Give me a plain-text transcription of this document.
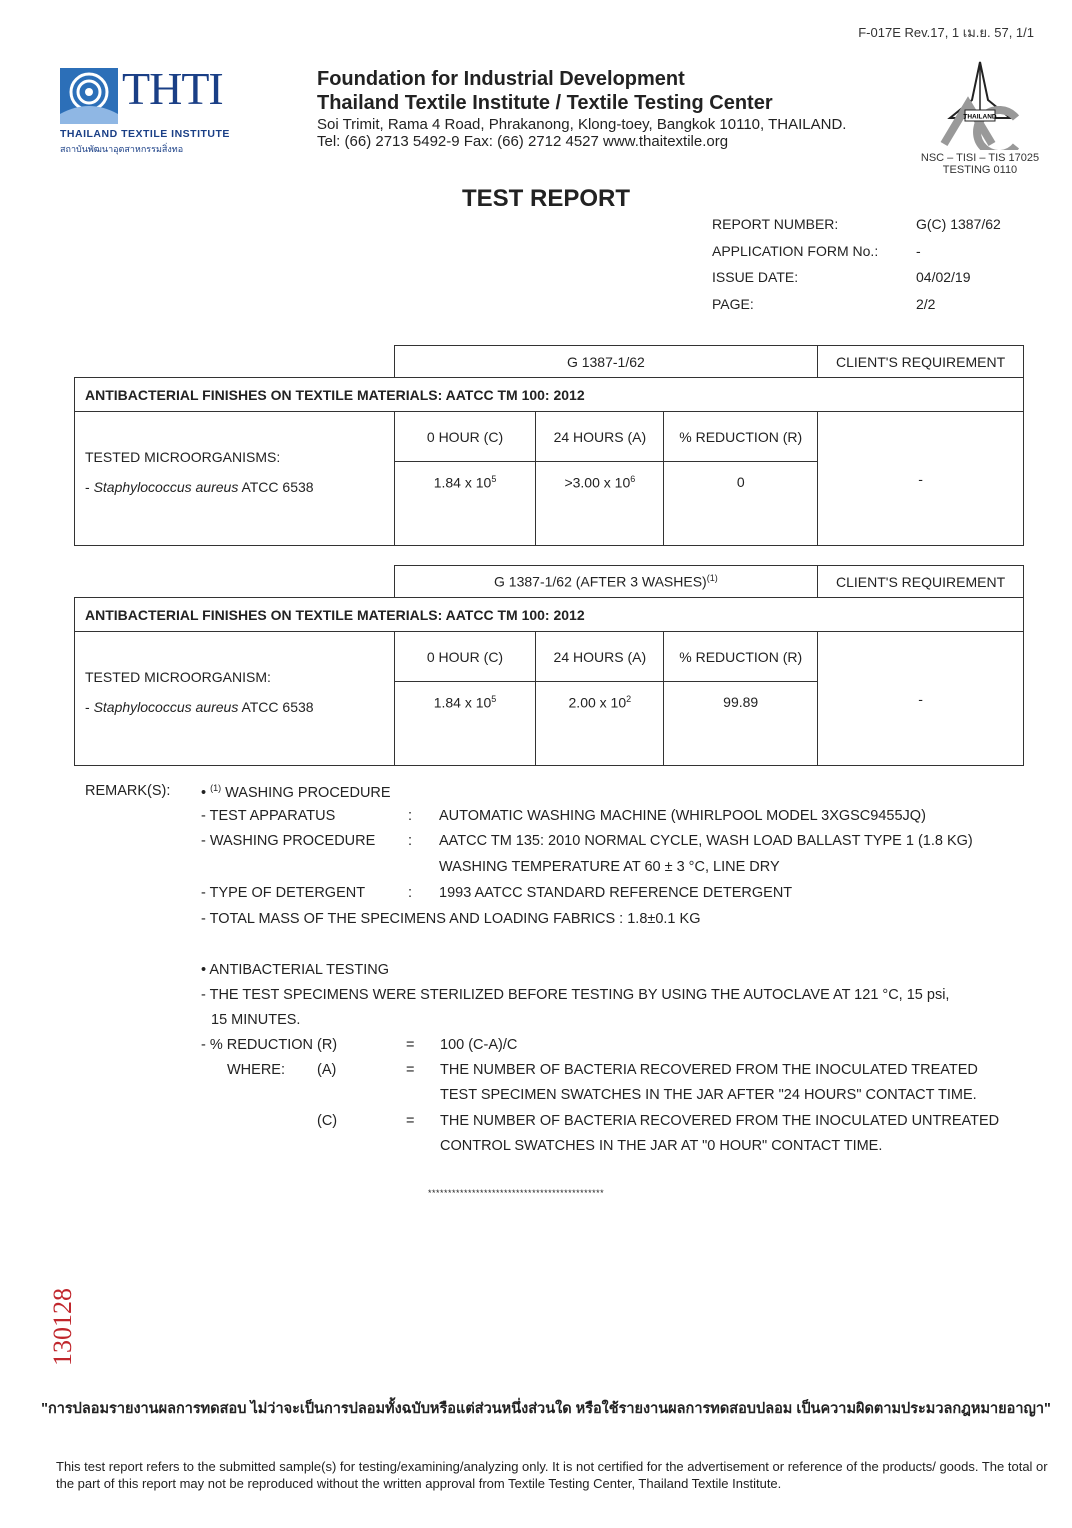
F-017E Rev.17, 1 เม.ย. 57, 1/1
THTI
THAILAND TEXTILE INSTITUTE
สถาบันพัฒนาอุตสาหกรรมสิ่งทอ
Foundation for Industrial Development
Thailand Textile Institute / Textile Testing Center
Soi Trimit, Rama 4 Road, Phrakanong, Klong-toey, Bangkok 10110, THAILAND.
Tel: (66) 2713 5492-9 Fax: (66) 2712 4527 www.thaitextile.org
THAILAND
NSC – TISI – TIS 17025
TESTING 0110
TEST REPORT
REPORT NUMBER:	G(C) 1387/62
APPLICATION FORM No.:	-
ISSUE DATE:	04/02/19
PAGE:	2/2
	G 1387-1/62			CLIENT'S REQUIREMENT
ANTIBACTERIAL FINISHES ON TEXTILE MATERIALS: AATCC TM 100: 2012				

TESTED MICROORGANISMS:
- Staphylococcus aureus ATCC 6538	0 HOUR (C)	24 HOURS (A)	% REDUCTION (R)	-
	1.84 x $10^5$	>3.00 x $10^6$	0	
	G 1387-1/62 (AFTER 3 WASHES)$^{(1)}$			CLIENT'S REQUIREMENT
ANTIBACTERIAL FINISHES ON TEXTILE MATERIALS: AATCC TM 100: 2012				

TESTED MICROORGANISM:
- Staphylococcus aureus ATCC 6538	0 HOUR (C)	24 HOURS (A)	% REDUCTION (R)	-
	1.84 x $10^5$	2.00 x $10^2$	99.89	
REMARK(S): • $^{(1)}$ WASHING PROCEDURE
- TEST APPARATUS	: AUTOMATIC WASHING MACHINE (WHIRLPOOL MODEL 3XGSC9455JQ)
- WASHING PROCEDURE : AATCC TM 135: 2010 NORMAL CYCLE, WASH LOAD BALLAST TYPE 1 (1.8 KG)
WASHING TEMPERATURE AT 60 ± 3 °C, LINE DRY
- TYPE OF DETERGENT	: 1993 AATCC STANDARD REFERENCE DETERGENT
- TOTAL MASS OF THE SPECIMENS AND LOADING FABRICS : 1.8±0.1 KG
• ANTIBACTERIAL TESTING
- THE TEST SPECIMENS WERE STERILIZED BEFORE TESTING BY USING THE AUTOCLAVE AT 121 °C, 15 psi,
15 MINUTES.
- % REDUCTION (R)	= 100 (C-A)/C
WHERE: (A)	= THE NUMBER OF BACTERIA RECOVERED FROM THE INOCULATED TREATED
TEST SPECIMEN SWATCHES IN THE JAR AFTER "24 HOURS" CONTACT TIME.
(C)	= THE NUMBER OF BACTERIA RECOVERED FROM THE INOCULATED UNTREATED
CONTROL SWATCHES IN THE JAR AT "0 HOUR" CONTACT TIME.
********************************************
130128
"การปลอมรายงานผลการทดสอบ ไม่ว่าจะเป็นการปลอมทั้งฉบับหรือแต่ส่วนหนึ่งส่วนใด หรือใช้รายงานผลการทดสอบปลอม เป็นความผิดตามประมวลกฎหมายอาญา"
This test report refers to the submitted sample(s) for testing/examining/analyzing only. It is not certified for the advertisement or reference of the products/ goods. The total or the part of this report may not be reproduced without the written approval from Textile Testing Center, Thailand Textile Institute.
